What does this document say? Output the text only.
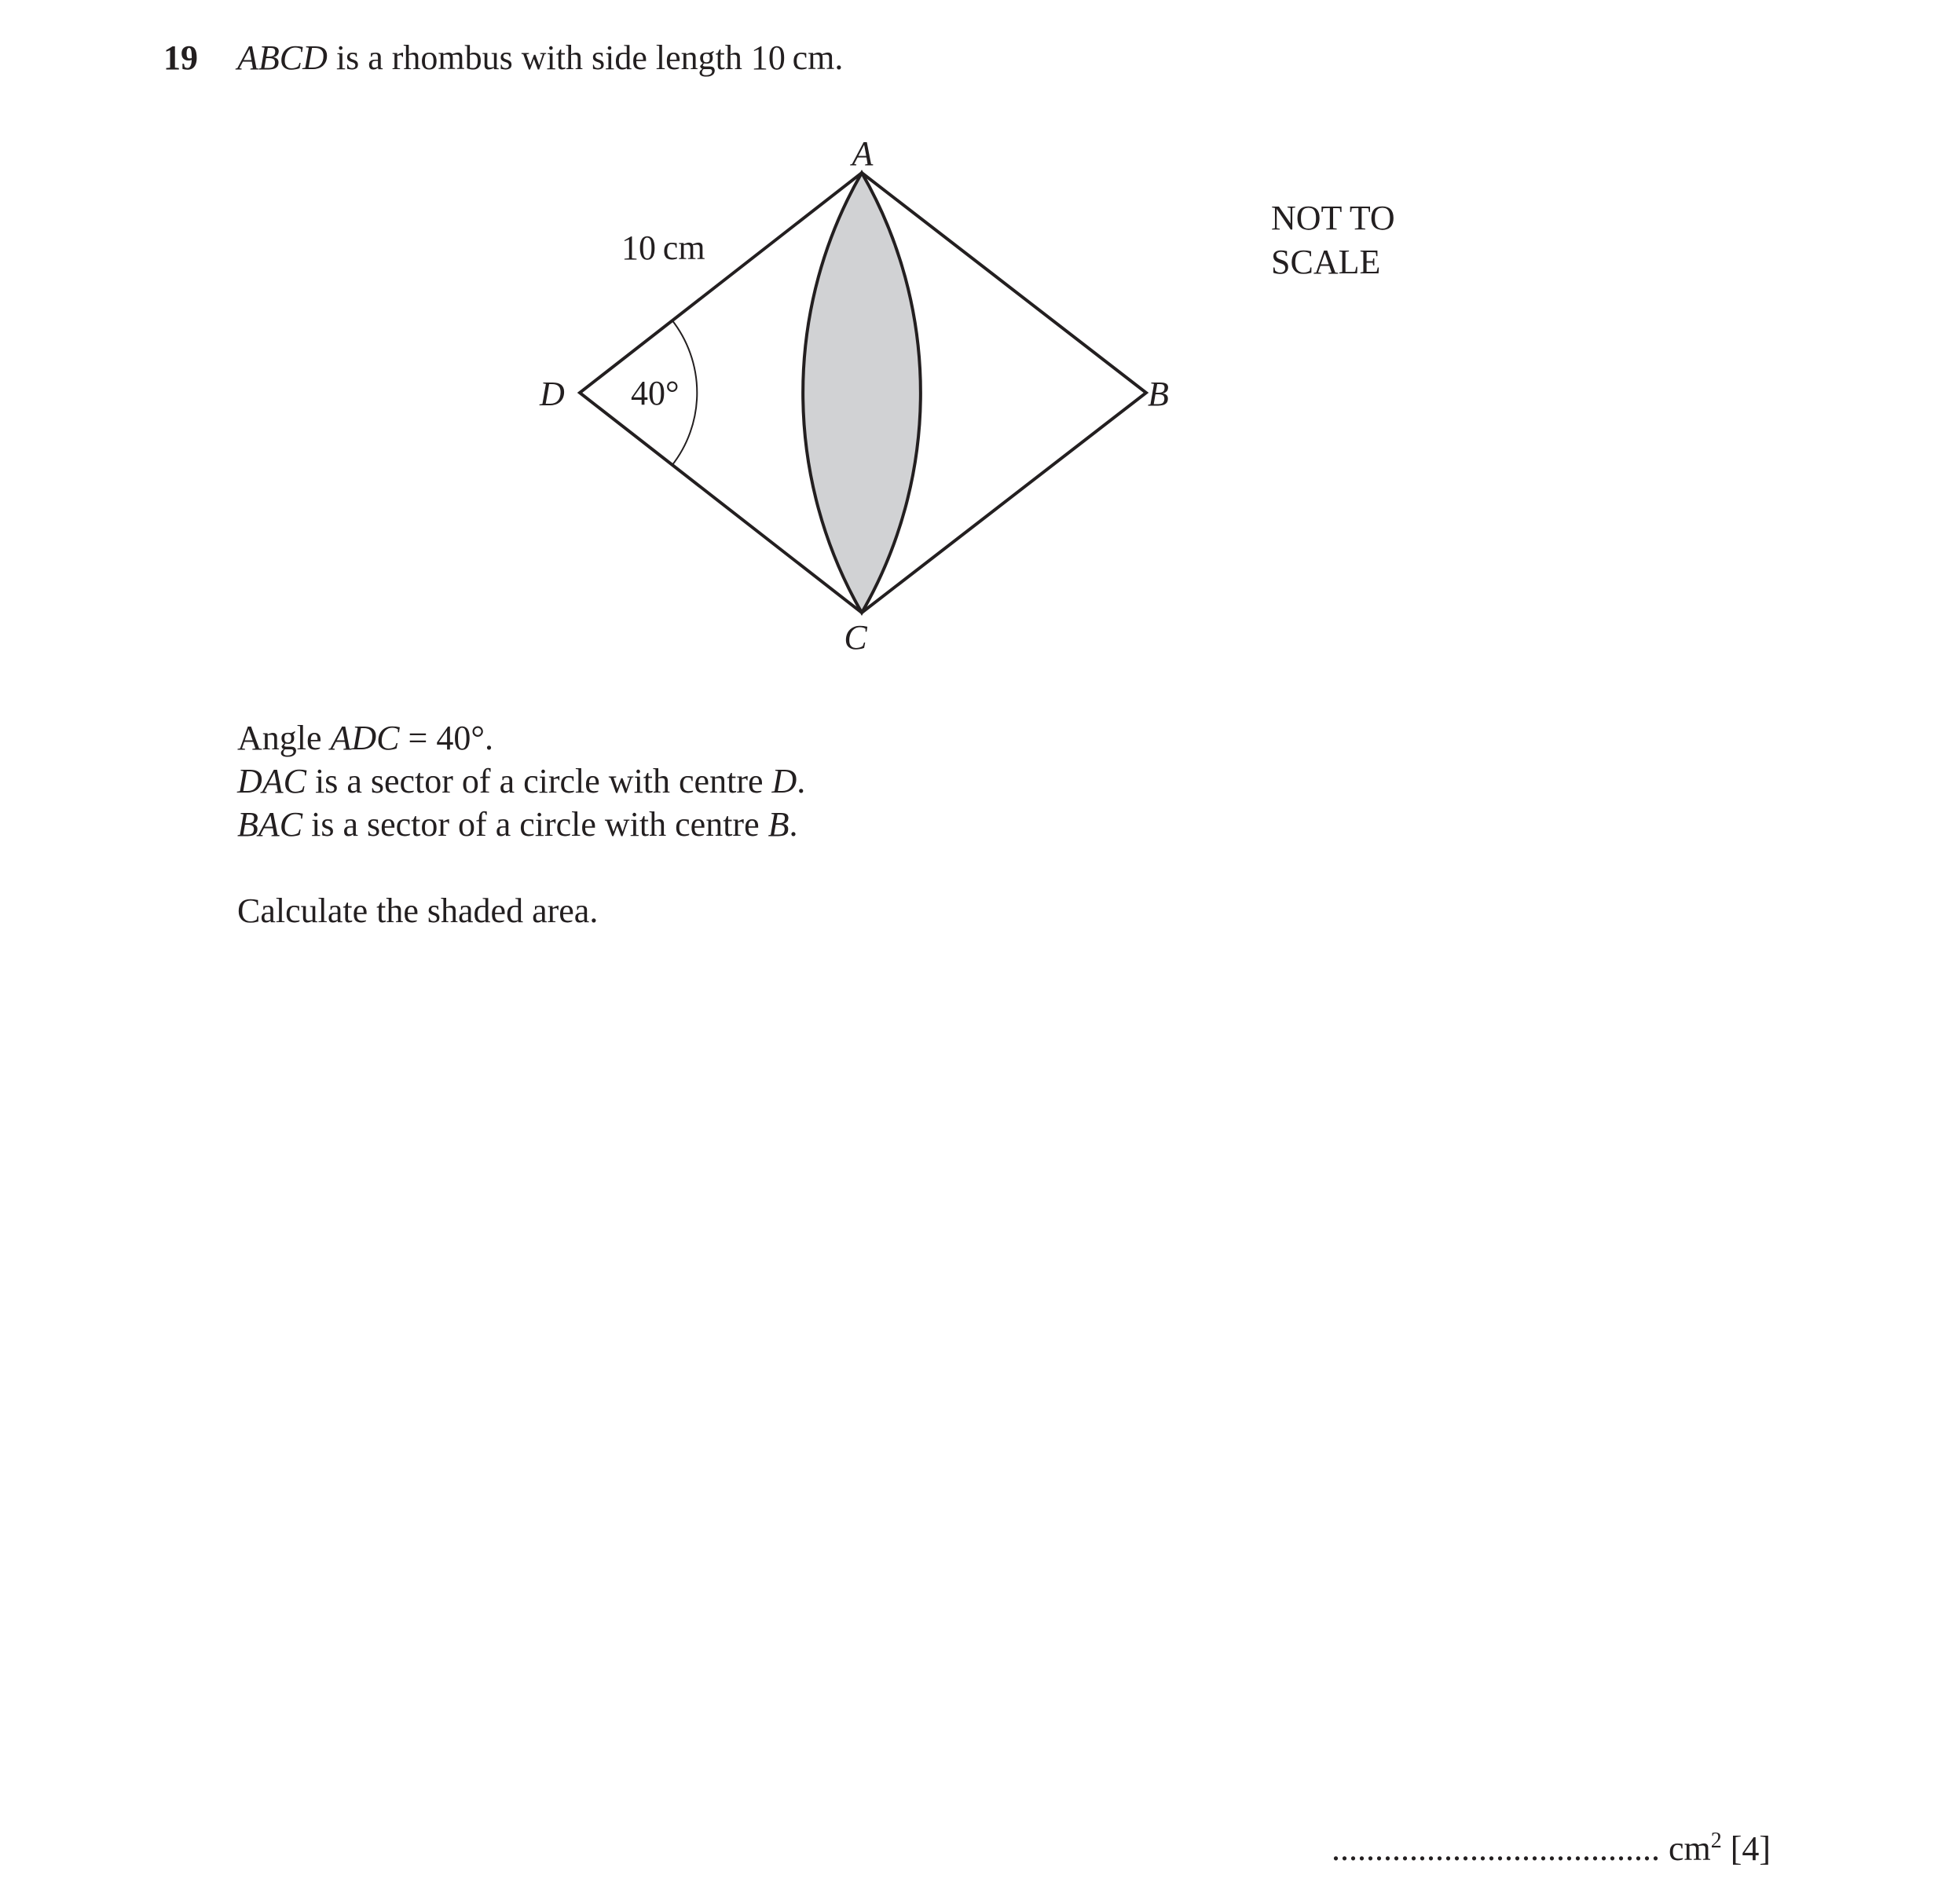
19 ABCD is a rhombus with side length 10 cm.
A
B
C
D
10 cm
40°
NOT TO
SCALE
Angle ADC = 40°.
DAC is a sector of a circle with centre D.
BAC is a sector of a circle with centre B.
Calculate the shaded area.
...................................... $cm^2$ [4]
